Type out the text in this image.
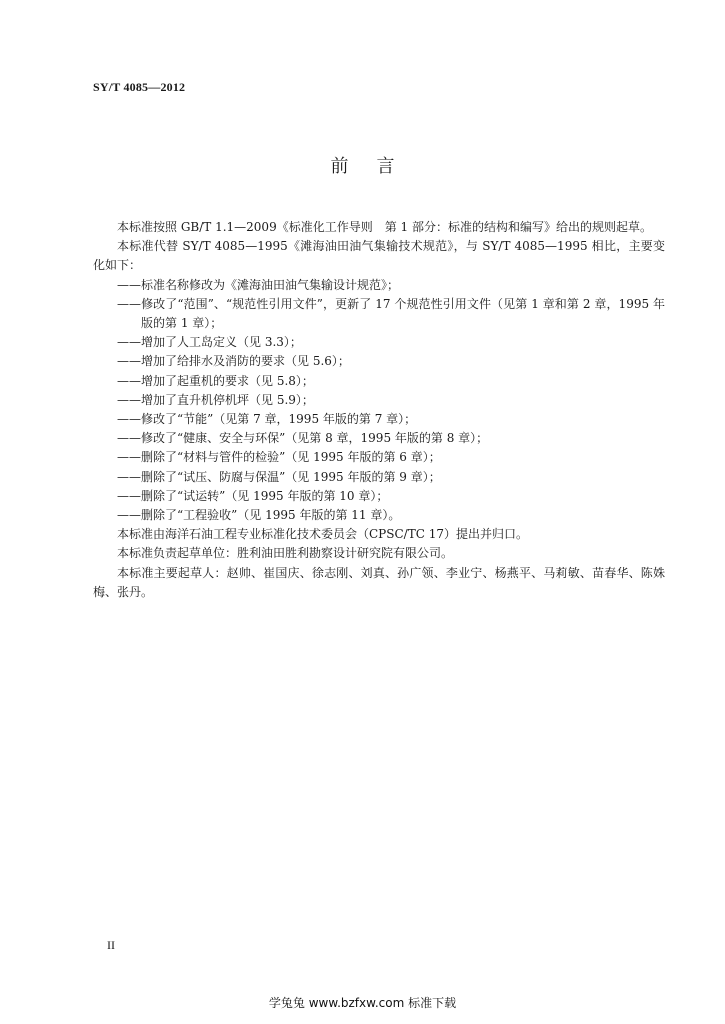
SY/T 4085—2012
前言

本标准按照 GB/T 1.1—2009《标准化工作导则　第 1 部分：标准的结构和编写》给出的规则起草。

本标准代替 SY/T 4085—1995《滩海油田油气集输技术规范》，与 SY/T 4085—1995 相比，主要变化如下：

——标准名称修改为《滩海油田油气集输设计规范》；

——修改了“范围”、“规范性引用文件”，更新了 17 个规范性引用文件（见第 1 章和第 2 章，1995 年版的第 1 章）；

——增加了人工岛定义（见 3.3）；

——增加了给排水及消防的要求（见 5.6）；

——增加了起重机的要求（见 5.8）；

——增加了直升机停机坪（见 5.9）；

——修改了“节能”（见第 7 章，1995 年版的第 7 章）；

——修改了“健康、安全与环保”（见第 8 章，1995 年版的第 8 章）；

——删除了“材料与管件的检验”（见 1995 年版的第 6 章）；

——删除了“试压、防腐与保温”（见 1995 年版的第 9 章）；

——删除了“试运转”（见 1995 年版的第 10 章）；

——删除了“工程验收”（见 1995 年版的第 11 章）。

本标准由海洋石油工程专业标准化技术委员会（CPSC/TC 17）提出并归口。

本标准负责起草单位：胜利油田胜利勘察设计研究院有限公司。

本标准主要起草人：赵帅、崔国庆、徐志刚、刘真、孙广领、李业宁、杨燕平、马莉敏、苗春华、陈姝梅、张丹。

II
学兔兔 www.bzfxw.com 标准下载
